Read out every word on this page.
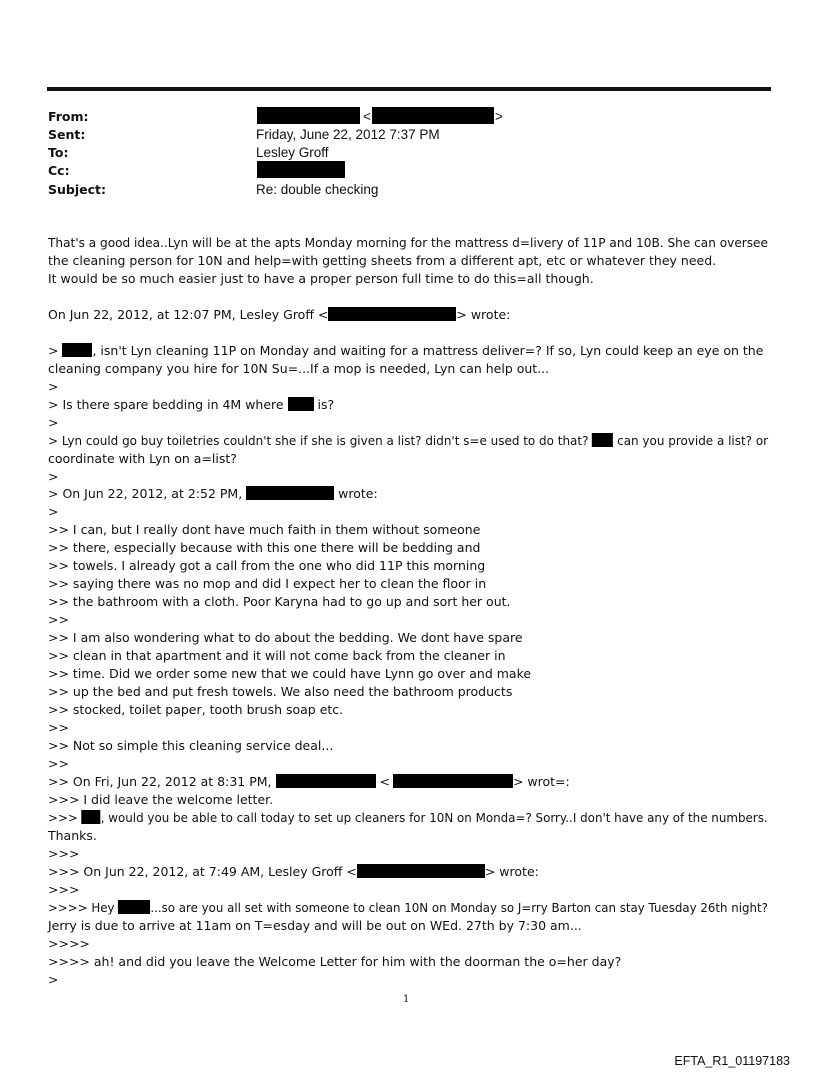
From:	<	>
Sent:	Friday, June 22, 2012 7:37 PM
To:	Lesley Groff
Cc:
Subject:	Re: double checking
That's a good idea..Lyn will be at the apts Monday morning for the mattress d=livery of 11P and 10B. She can oversee
the cleaning person for 10N and help=with getting sheets from a different apt, etc or whatever they need.
It would be so much easier just to have a proper person full time to do this=all though.
On Jun 22, 2012, at 12:07 PM, Lesley Groff <	> wrote:
>	, isn't Lyn cleaning 11P on Monday and waiting for a mattress deliver=? If so, Lyn could keep an eye on the
cleaning company you hire for 10N Su=...If a mop is needed, Lyn can help out...
>
> Is there spare bedding in 4M where	is?
>
> Lyn could go buy toiletries couldn't she if she is given a list? didn't s=e used to do that? can you provide a list? or
coordinate with Lyn on a=list?
>
> On Jun 22, 2012, at 2:52 PM,	wrote:
>
>> I can, but I really dont have much faith in them without someone
>> there, especially because with this one there will be bedding and
>> towels. I already got a call from the one who did 11P this morning
>> saying there was no mop and did I expect her to clean the floor in
>> the bathroom with a cloth. Poor Karyna had to go up and sort her out.
>>
>> I am also wondering what to do about the bedding. We dont have spare
>> clean in that apartment and it will not come back from the cleaner in
>> time. Did we order some new that we could have Lynn go over and make
>> up the bed and put fresh towels. We also need the bathroom products
>> stocked, toilet paper, tooth brush soap etc.
>>
>> Not so simple this cleaning service deal...
>>
>> On Fri, Jun 22, 2012 at 8:31 PM,	<	> wrot=:
>>> I did leave the welcome letter.
>>> , would you be able to call today to set up cleaners for 10N on Monda=? Sorry..I don't have any of the numbers.
Thanks.
>>>
>>> On Jun 22, 2012, at 7:49 AM, Lesley Groff <	> wrote:
>>>
>>>> Hey	...so are you all set with someone to clean 10N on Monday so J=rry Barton can stay Tuesday 26th night?
Jerry is due to arrive at 11am on T=esday and will be out on WEd. 27th by 7:30 am...
>>>>
>>>> ah! and did you leave the Welcome Letter for him with the doorman the o=her day?
>
1
EFTA_R1_01197183
